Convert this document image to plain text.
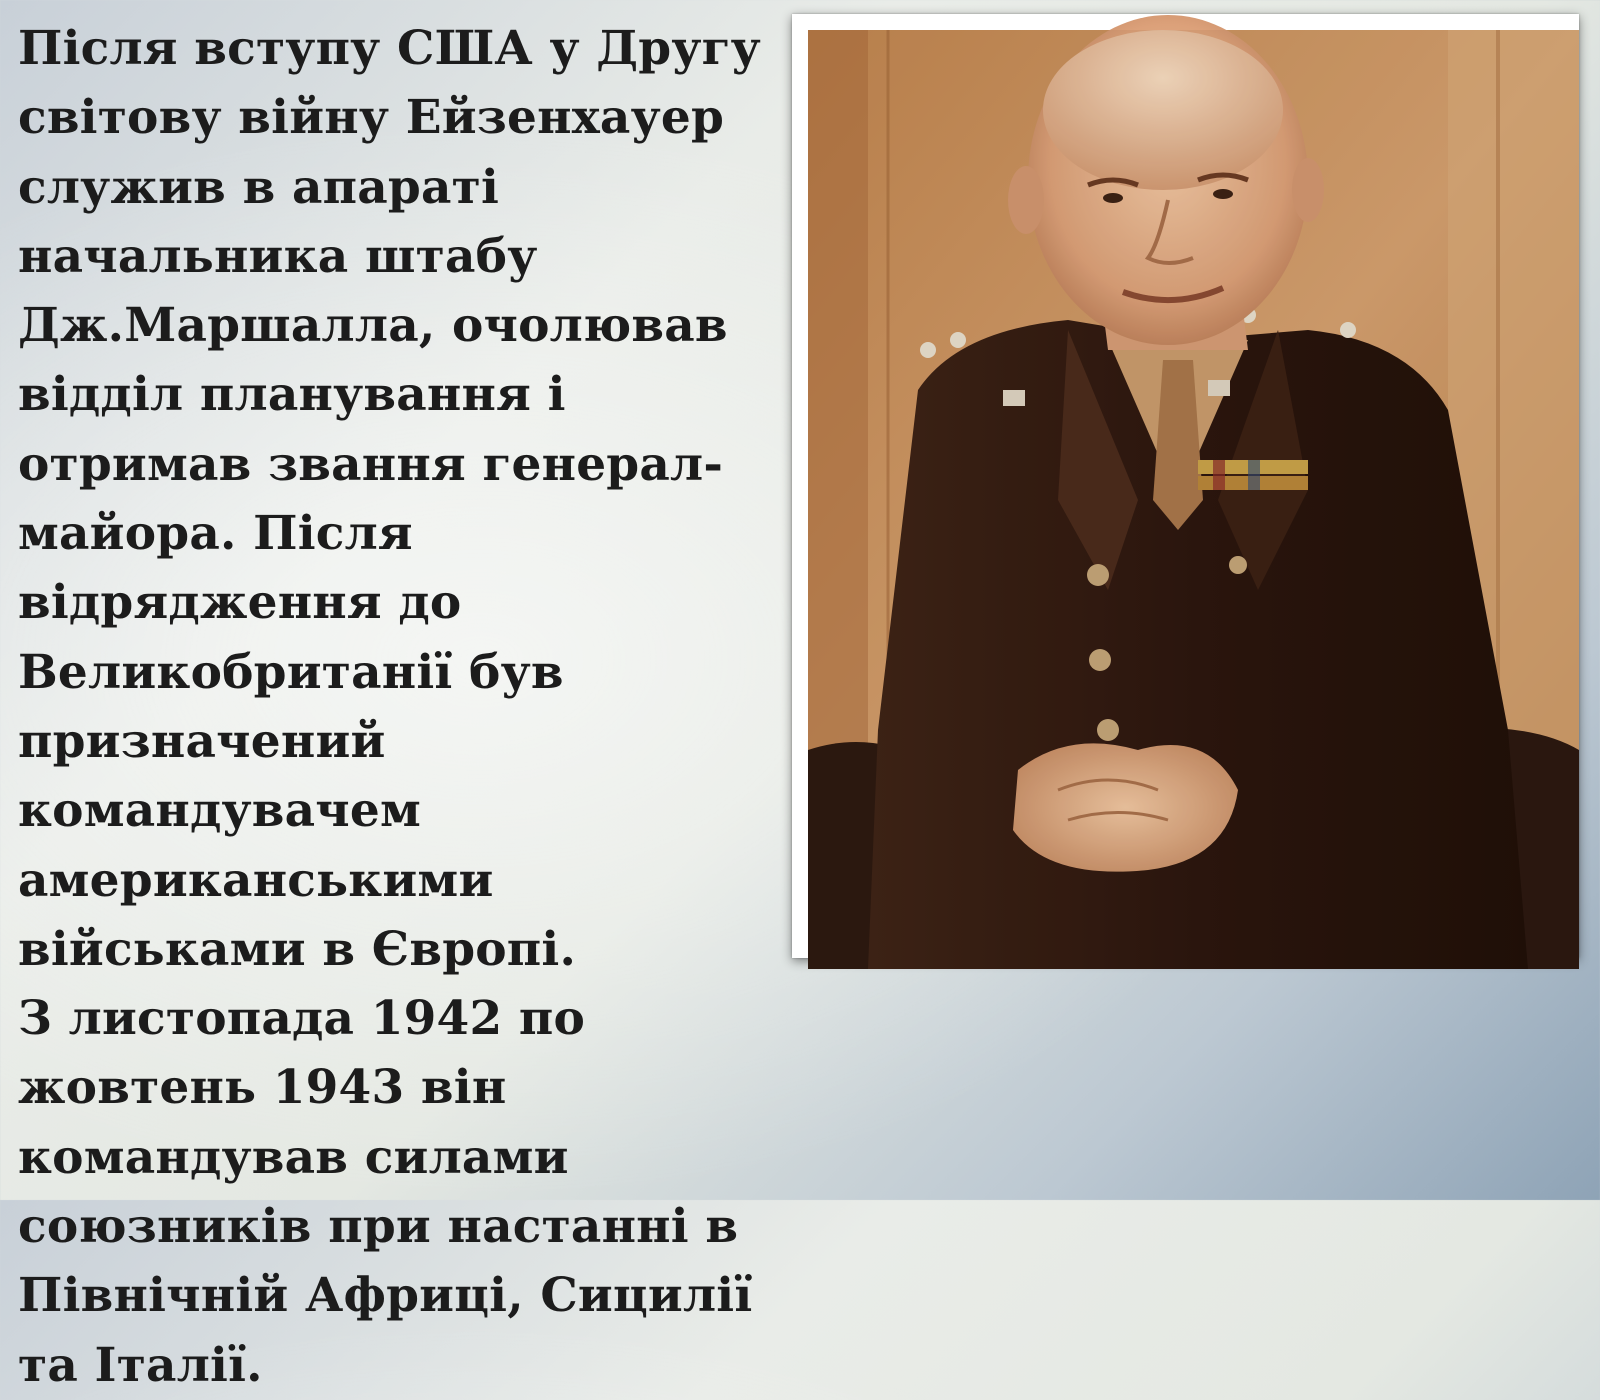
Після вступу США у Другу світову війну Ейзенхауер служив в апараті начальника штабу Дж.Маршалла, очолював відділ планування і отримав звання генерал-майора. Після відрядження до Великобританії був призначений командувачем американськими військами в Європі.

З листопада 1942 по жовтень 1943 він командував силами союзників при настанні в Північній Африці, Сицилії та Італії.
